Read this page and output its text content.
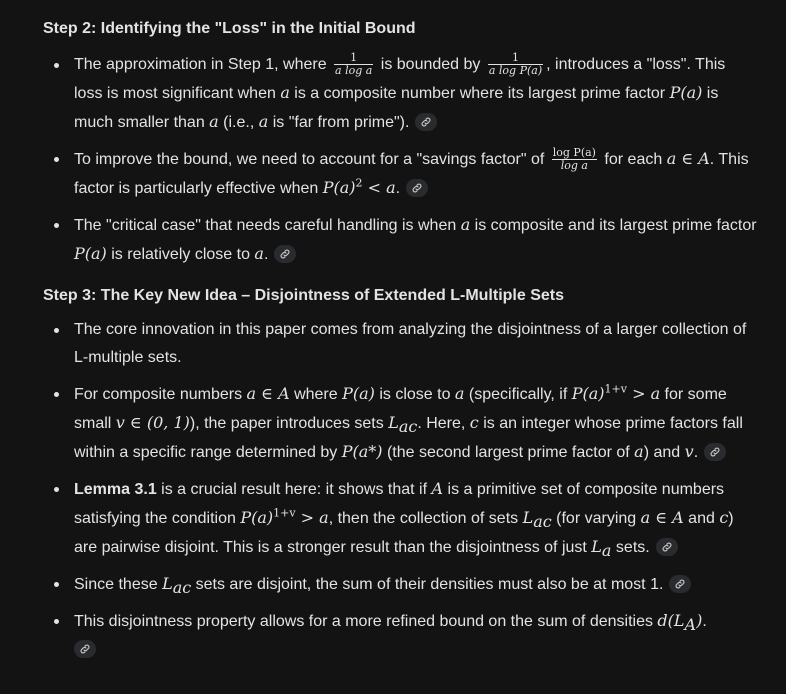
Step 2: Identifying the "Loss" in the Initial Bound
The approximation in Step 1, where $\frac{1}{\text{a log a}}$ is bounded by $\frac{1}{\text{a log P(a)}}$ , introduces a "loss". This loss is most significant when a is a composite number where its largest prime factor P(a) is much smaller than a (i.e., a is "far from prime").
To improve the bound, we need to account for a "savings factor" of $\frac{\text{log P(a)}}{\text{log a}}$ for each a ∈ A. This factor is particularly effective when $P(a)^2 < a$.
The "critical case" that needs careful handling is when a is composite and its largest prime factor P(a) is relatively close to a.
Step 3: The Key New Idea – Disjointness of Extended L-Multiple Sets
The core innovation in this paper comes from analyzing the disjointness of a larger collection of L-multiple sets.
For composite numbers a ∈ A where P(a) is close to a (specifically, if $P(a)^{1+v} > a$ for some small v ∈ (0, 1)), the paper introduces sets $L_{ac}$. Here, c is an integer whose prime factors fall within a specific range determined by P(a*) (the second largest prime factor of a) and v.
Lemma 3.1 is a crucial result here: it shows that if A is a primitive set of composite numbers satisfying the condition $P(a)^{1+v} > a$, then the collection of sets $L_{ac}$ (for varying a ∈ A and c) are pairwise disjoint. This is a stronger result than the disjointness of just $L_a$ sets.
Since these $L_{ac}$ sets are disjoint, the sum of their densities must also be at most 1.
This disjointness property allows for a more refined bound on the sum of densities $d(L_A)$.
